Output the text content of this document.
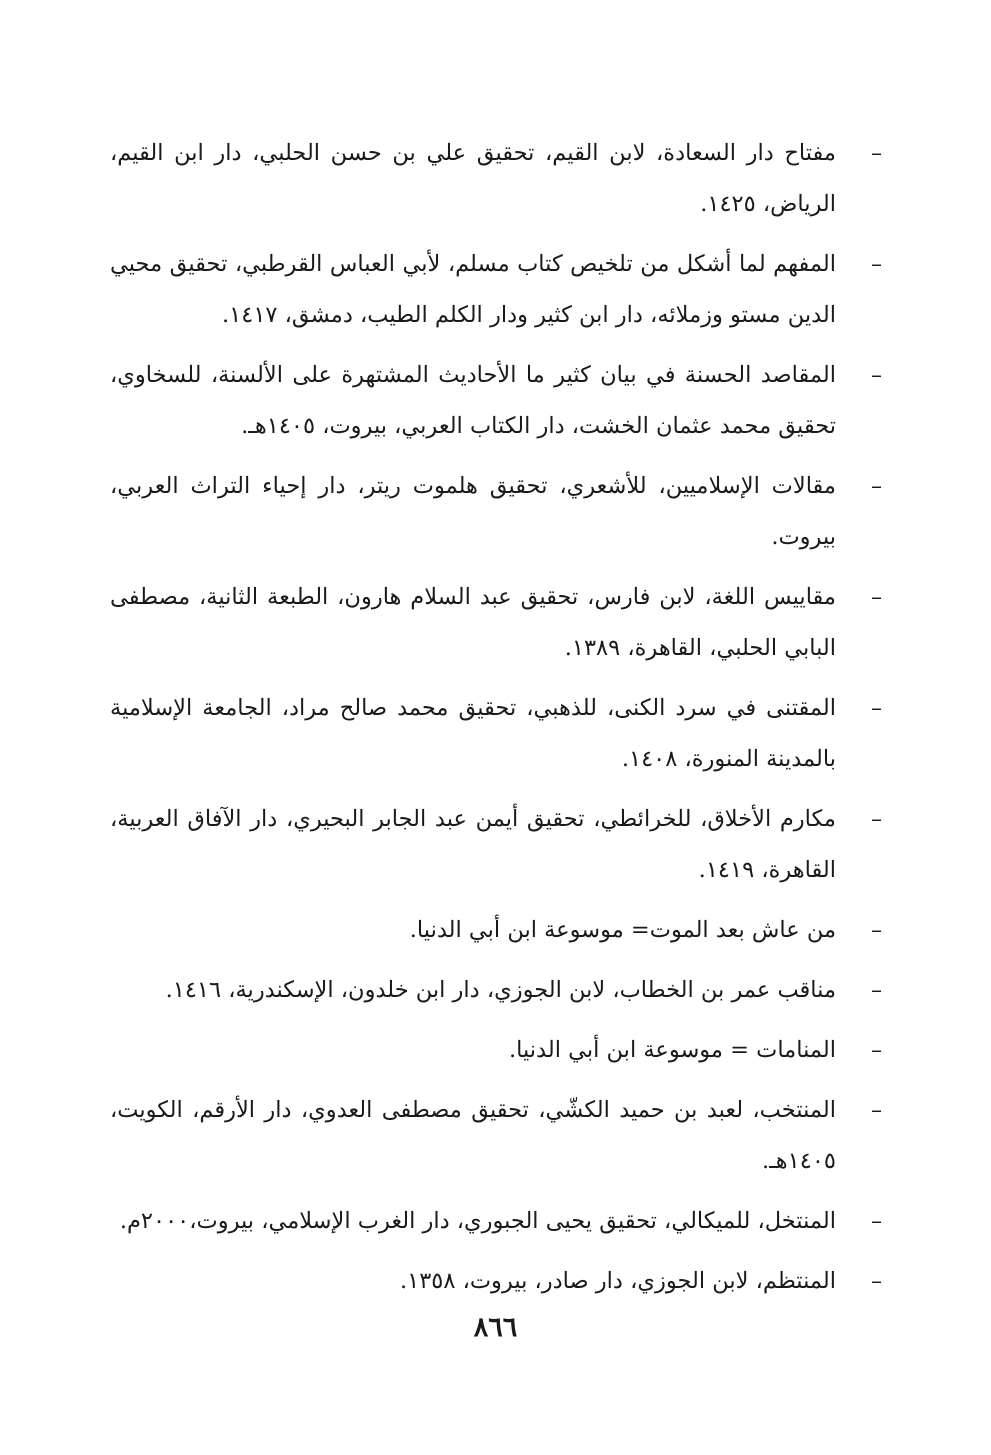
–
مفتاح دار السعادة، لابن القيم، تحقيق علي بن حسن الحلبي، دار ابن القيم، الرياض، ١٤٢٥.
–
المفهم لما أشكل من تلخيص كتاب مسلم، لأبي العباس القرطبي، تحقيق محيي الدين مستو وزملائه، دار ابن كثير ودار الكلم الطيب، دمشق، ١٤١٧.
–
المقاصد الحسنة في بيان كثير ما الأحاديث المشتهرة على الألسنة، للسخاوي، تحقيق محمد عثمان الخشت، دار الكتاب العربي، بيروت، ١٤٠٥هـ.
–
مقالات الإسلاميين، للأشعري، تحقيق هلموت ريتر، دار إحياء التراث العربي، بيروت.
–
مقاييس اللغة، لابن فارس، تحقيق عبد السلام هارون، الطبعة الثانية، مصطفى البابي الحلبي، القاهرة، ١٣٨٩.
–
المقتنى في سرد الكنى، للذهبي، تحقيق محمد صالح مراد، الجامعة الإسلامية بالمدينة المنورة، ١٤٠٨.
–
مكارم الأخلاق، للخرائطي، تحقيق أيمن عبد الجابر البحيري، دار الآفاق العربية، القاهرة، ١٤١٩.
–
من عاش بعد الموت= موسوعة ابن أبي الدنيا.
–
مناقب عمر بن الخطاب، لابن الجوزي، دار ابن خلدون، الإسكندرية، ١٤١٦.
–
المنامات = موسوعة ابن أبي الدنيا.
–
المنتخب، لعبد بن حميد الكشّي، تحقيق مصطفى العدوي، دار الأرقم، الكويت، ١٤٠٥هـ.
–
المنتخل، للميكالي، تحقيق يحيى الجبوري، دار الغرب الإسلامي، بيروت،٢٠٠٠م.
–
المنتظم، لابن الجوزي، دار صادر، بيروت، ١٣٥٨.
٨٦٦
